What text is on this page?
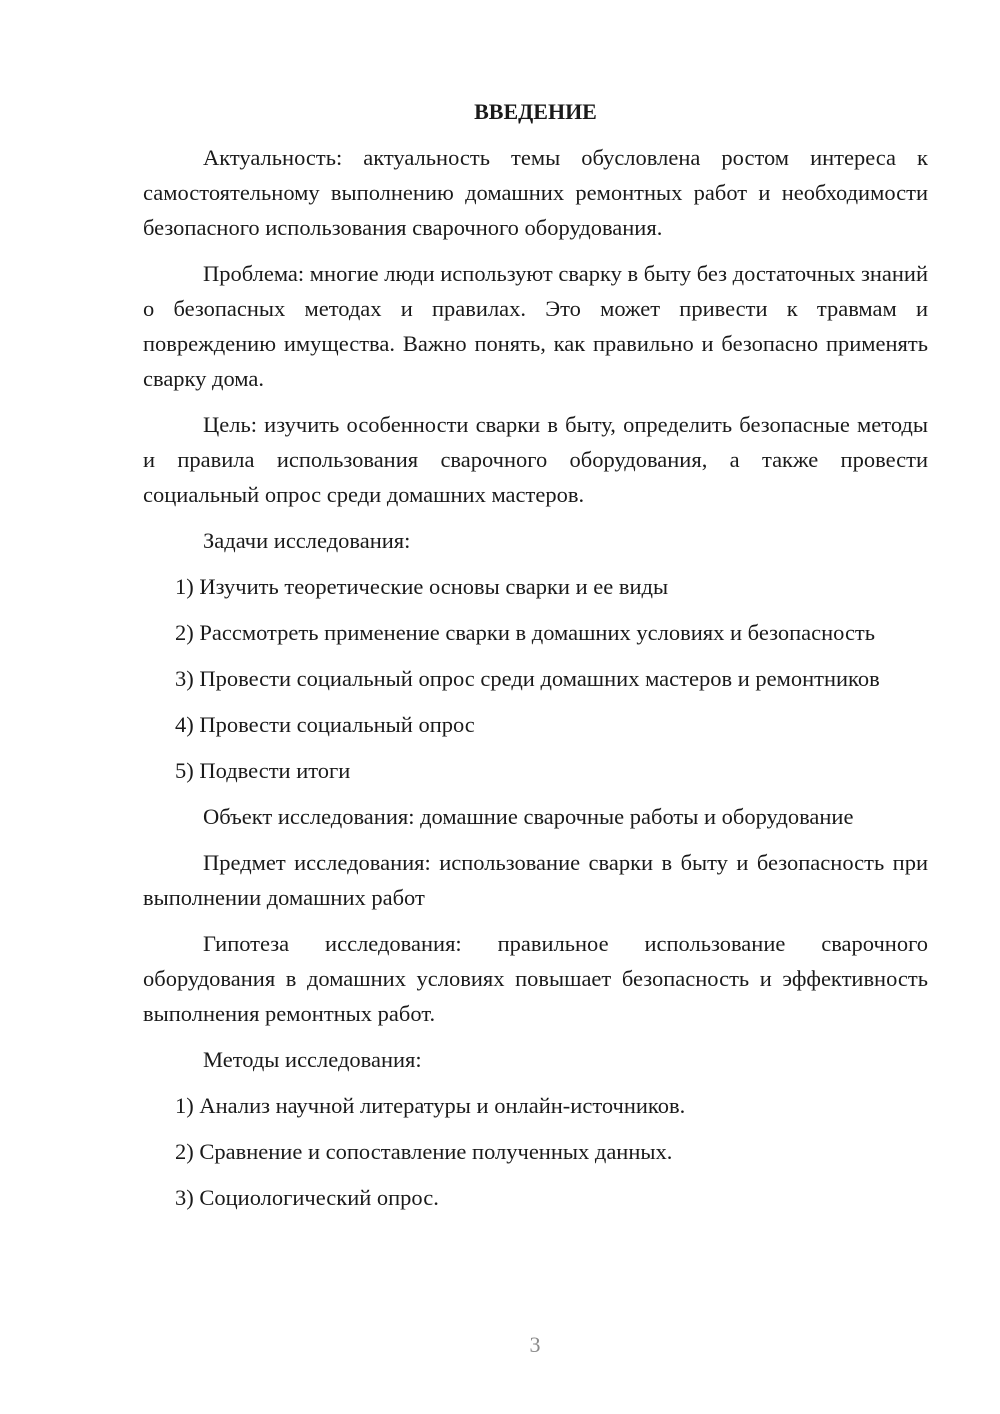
ВВЕДЕНИЕ

Актуальность: актуальность темы обусловлена ростом интереса к самостоятельному выполнению домашних ремонтных работ и необходимости безопасного использования сварочного оборудования.

Проблема: многие люди используют сварку в быту без достаточных знаний о безопасных методах и правилах. Это может привести к травмам и повреждению имущества. Важно понять, как правильно и безопасно применять сварку дома.

Цель: изучить особенности сварки в быту, определить безопасные методы и правила использования сварочного оборудования, а также провести социальный опрос среди домашних мастеров.

Задачи исследования:

1) Изучить теоретические основы сварки и ее виды
2) Рассмотреть применение сварки в домашних условиях и безопасность
3) Провести социальный опрос среди домашних мастеров и ремонтников
4) Провести социальный опрос
5) Подвести итоги

Объект исследования: домашние сварочные работы и оборудование

Предмет исследования: использование сварки в быту и безопасность при выполнении домашних работ

Гипотеза исследования: правильное использование сварочного оборудования в домашних условиях повышает безопасность и эффективность выполнения ремонтных работ.

Методы исследования:

1) Анализ научной литературы и онлайн-источников.
2) Сравнение и сопоставление полученных данных.
3) Социологический опрос.
3
